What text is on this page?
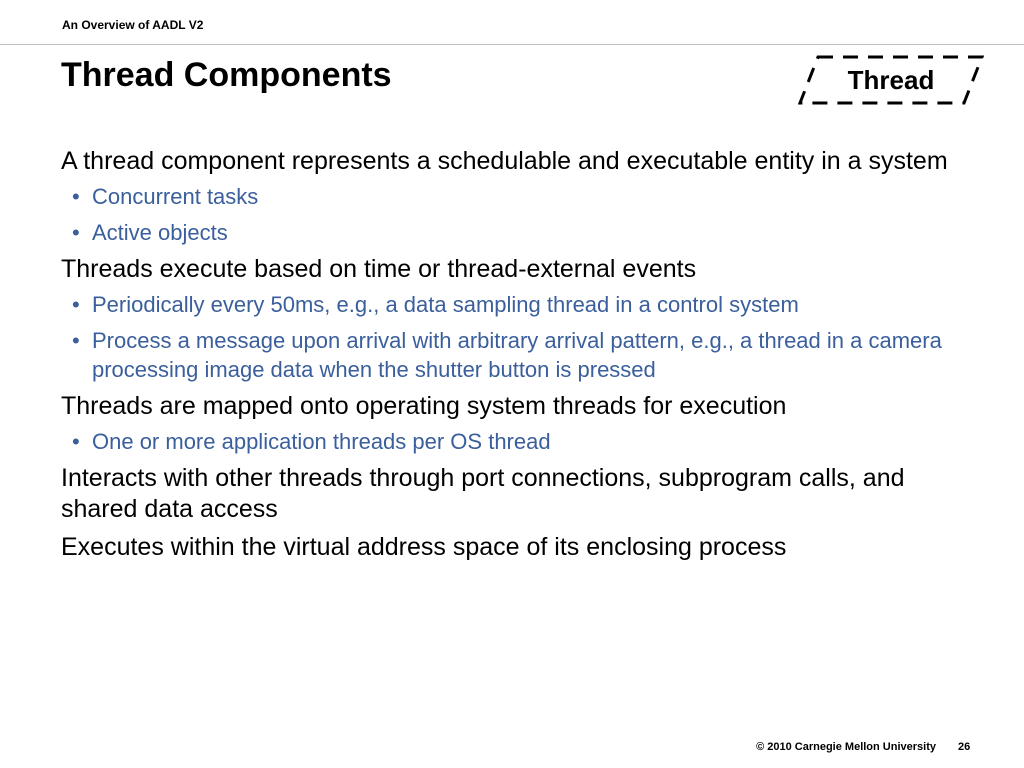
An Overview of AADL V2
Thread Components	Thread

A thread component represents a schedulable and executable entity in a system

• Concurrent tasks
• Active objects

Threads execute based on time or thread-external events

• Periodically every 50ms, e.g., a data sampling thread in a control system
• Process a message upon arrival with arbitrary arrival pattern, e.g., a thread in a camera processing image data when the shutter button is pressed

Threads are mapped onto operating system threads for execution

• One or more application threads per OS thread

Interacts with other threads through port connections, subprogram calls, and shared data access

Executes within the virtual address space of its enclosing process

© 2010 Carnegie Mellon University 26
